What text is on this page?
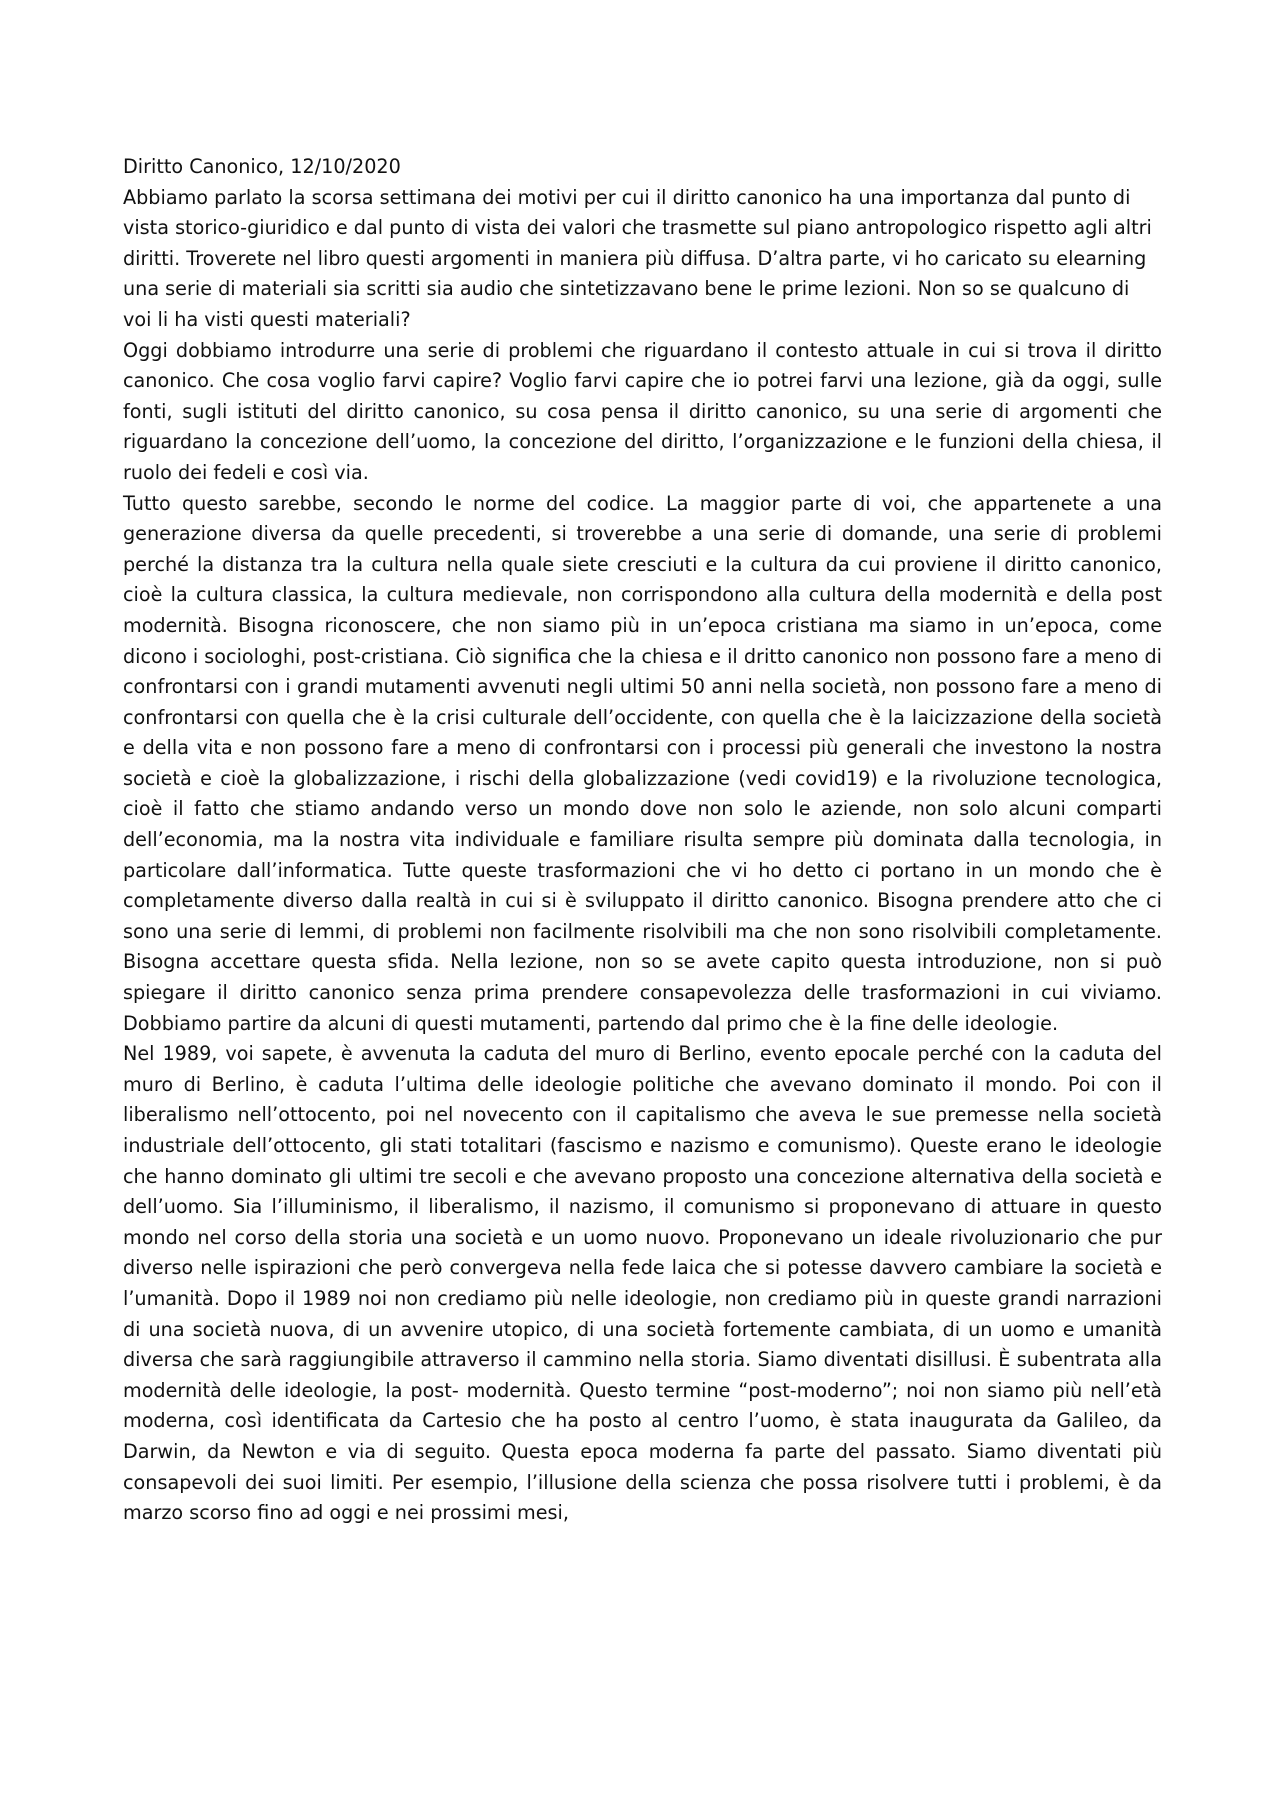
Diritto Canonico, 12/10/2020

Abbiamo parlato la scorsa settimana dei motivi per cui il diritto canonico ha una importanza dal punto di vista storico-giuridico e dal punto di vista dei valori che trasmette sul piano antropologico rispetto agli altri diritti. Troverete nel libro questi argomenti in maniera più diffusa. D’altra parte, vi ho caricato su elearning una serie di materiali sia scritti sia audio che sintetizzavano bene le prime lezioni. Non so se qualcuno di voi li ha visti questi materiali?

Oggi dobbiamo introdurre una serie di problemi che riguardano il contesto attuale in cui si trova il diritto canonico. Che cosa voglio farvi capire? Voglio farvi capire che io potrei farvi una lezione, già da oggi, sulle fonti, sugli istituti del diritto canonico, su cosa pensa il diritto canonico, su una serie di argomenti che riguardano la concezione dell’uomo, la concezione del diritto, l’organizzazione e le funzioni della chiesa, il ruolo dei fedeli e così via.

Tutto questo sarebbe, secondo le norme del codice. La maggior parte di voi, che appartenete a una generazione diversa da quelle precedenti, si troverebbe a una serie di domande, una serie di problemi perché la distanza tra la cultura nella quale siete cresciuti e la cultura da cui proviene il diritto canonico, cioè la cultura classica, la cultura medievale, non corrispondono alla cultura della modernità e della post modernità. Bisogna riconoscere, che non siamo più in un’epoca cristiana ma siamo in un’epoca, come dicono i sociologhi, post-cristiana. Ciò significa che la chiesa e il dritto canonico non possono fare a meno di confrontarsi con i grandi mutamenti avvenuti negli ultimi 50 anni nella società, non possono fare a meno di confrontarsi con quella che è la crisi culturale dell’occidente, con quella che è la laicizzazione della società e della vita e non possono fare a meno di confrontarsi con i processi più generali che investono la nostra società e cioè la globalizzazione, i rischi della globalizzazione (vedi covid19) e la rivoluzione tecnologica, cioè il fatto che stiamo andando verso un mondo dove non solo le aziende, non solo alcuni comparti dell’economia, ma la nostra vita individuale e familiare risulta sempre più dominata dalla tecnologia, in particolare dall’informatica. Tutte queste trasformazioni che vi ho detto ci portano in un mondo che è completamente diverso dalla realtà in cui si è sviluppato il diritto canonico. Bisogna prendere atto che ci sono una serie di lemmi, di problemi non facilmente risolvibili ma che non sono risolvibili completamente. Bisogna accettare questa sfida. Nella lezione, non so se avete capito questa introduzione, non si può spiegare il diritto canonico senza prima prendere consapevolezza delle trasformazioni in cui viviamo. Dobbiamo partire da alcuni di questi mutamenti, partendo dal primo che è la fine delle ideologie.

Nel 1989, voi sapete, è avvenuta la caduta del muro di Berlino, evento epocale perché con la caduta del muro di Berlino, è caduta l’ultima delle ideologie politiche che avevano dominato il mondo. Poi con il liberalismo nell’ottocento, poi nel novecento con il capitalismo che aveva le sue premesse nella società industriale dell’ottocento, gli stati totalitari (fascismo e nazismo e comunismo). Queste erano le ideologie che hanno dominato gli ultimi tre secoli e che avevano proposto una concezione alternativa della società e dell’uomo. Sia l’illuminismo, il liberalismo, il nazismo, il comunismo si proponevano di attuare in questo mondo nel corso della storia una società e un uomo nuovo. Proponevano un ideale rivoluzionario che pur diverso nelle ispirazioni che però convergeva nella fede laica che si potesse davvero cambiare la società e l’umanità. Dopo il 1989 noi non crediamo più nelle ideologie, non crediamo più in queste grandi narrazioni di una società nuova, di un avvenire utopico, di una società fortemente cambiata, di un uomo e umanità diversa che sarà raggiungibile attraverso il cammino nella storia. Siamo diventati disillusi. È subentrata alla modernità delle ideologie, la post- modernità. Questo termine “post-moderno”; noi non siamo più nell’età moderna, così identificata da Cartesio che ha posto al centro l’uomo, è stata inaugurata da Galileo, da Darwin, da Newton e via di seguito. Questa epoca moderna fa parte del passato. Siamo diventati più consapevoli dei suoi limiti. Per esempio, l’illusione della scienza che possa risolvere tutti i problemi, è da marzo scorso fino ad oggi e nei prossimi mesi,
